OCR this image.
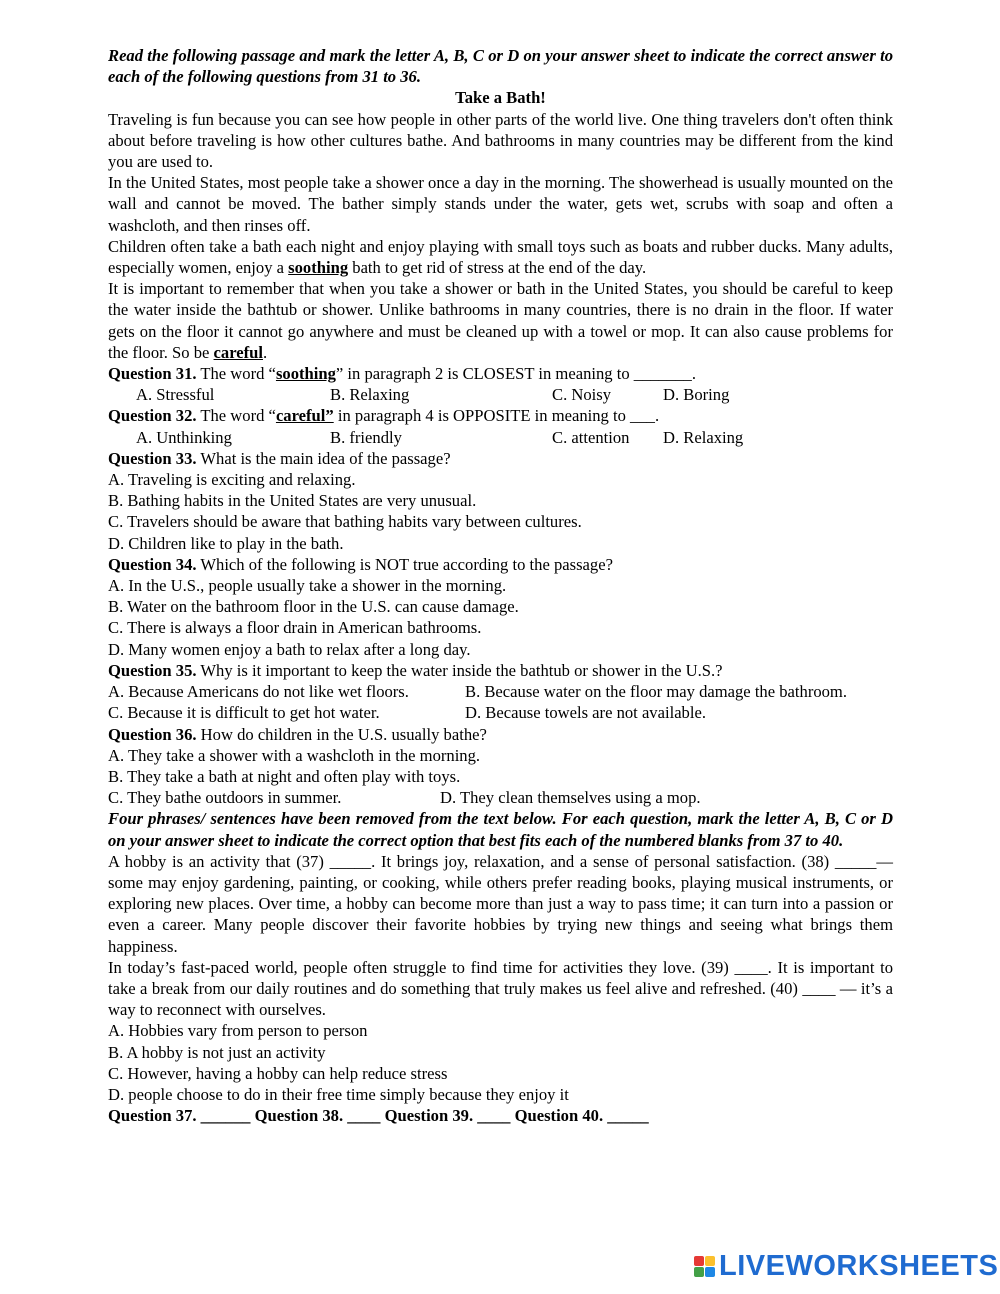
Read the following passage and mark the letter A, B, C or D on your answer sheet to indicate the correct answer to each of the following questions from 31 to 36.
Take a Bath!
Traveling is fun because you can see how people in other parts of the world live. One thing travelers don't often think about before traveling is how other cultures bathe. And bathrooms in many countries may be different from the kind you are used to.
In the United States, most people take a shower once a day in the morning. The showerhead is usually mounted on the wall and cannot be moved. The bather simply stands under the water, gets wet, scrubs with soap and often a washcloth, and then rinses off.
Children often take a bath each night and enjoy playing with small toys such as boats and rubber ducks. Many adults, especially women, enjoy a soothing bath to get rid of stress at the end of the day.
It is important to remember that when you take a shower or bath in the United States, you should be careful to keep the water inside the bathtub or shower. Unlike bathrooms in many countries, there is no drain in the floor. If water gets on the floor it cannot go anywhere and must be cleaned up with a towel or mop. It can also cause problems for the floor. So be careful.
Question 31. The word “soothing” in paragraph 2 is CLOSEST in meaning to _______.
A. Stressful	B. Relaxing	C. Noisy	D. Boring
Question 32. The word “careful” in paragraph 4 is OPPOSITE in meaning to ___.
A. Unthinking	B. friendly	C. attention	D. Relaxing
Question 33. What is the main idea of the passage?
A. Traveling is exciting and relaxing.
B. Bathing habits in the United States are very unusual.
C. Travelers should be aware that bathing habits vary between cultures.
D. Children like to play in the bath.
Question 34. Which of the following is NOT true according to the passage?
A. In the U.S., people usually take a shower in the morning.
B. Water on the bathroom floor in the U.S. can cause damage.
C. There is always a floor drain in American bathrooms.
D. Many women enjoy a bath to relax after a long day.
Question 35. Why is it important to keep the water inside the bathtub or shower in the U.S.?
A. Because Americans do not like wet floors.	B. Because water on the floor may damage the bathroom.
C. Because it is difficult to get hot water.	D. Because towels are not available.
Question 36. How do children in the U.S. usually bathe?
A. They take a shower with a washcloth in the morning.
B. They take a bath at night and often play with toys.
C. They bathe outdoors in summer.	D. They clean themselves using a mop.
Four phrases/ sentences have been removed from the text below. For each question, mark the letter A, B, C or D on your answer sheet to indicate the correct option that best fits each of the numbered blanks from 37 to 40.
A hobby is an activity that (37) _____. It brings joy, relaxation, and a sense of personal satisfaction. (38) _____— some may enjoy gardening, painting, or cooking, while others prefer reading books, playing musical instruments, or exploring new places. Over time, a hobby can become more than just a way to pass time; it can turn into a passion or even a career. Many people discover their favorite hobbies by trying new things and seeing what brings them happiness.
In today’s fast-paced world, people often struggle to find time for activities they love. (39) ____. It is important to take a break from our daily routines and do something that truly makes us feel alive and refreshed. (40) ____ — it’s a way to reconnect with ourselves.
A. Hobbies vary from person to person
B. A hobby is not just an activity
C. However, having a hobby can help reduce stress
D. people choose to do in their free time simply because they enjoy it
Question 37. ______ Question 38. ____ Question 39. ____ Question 40. _____
LIVEWORKSHEETS
